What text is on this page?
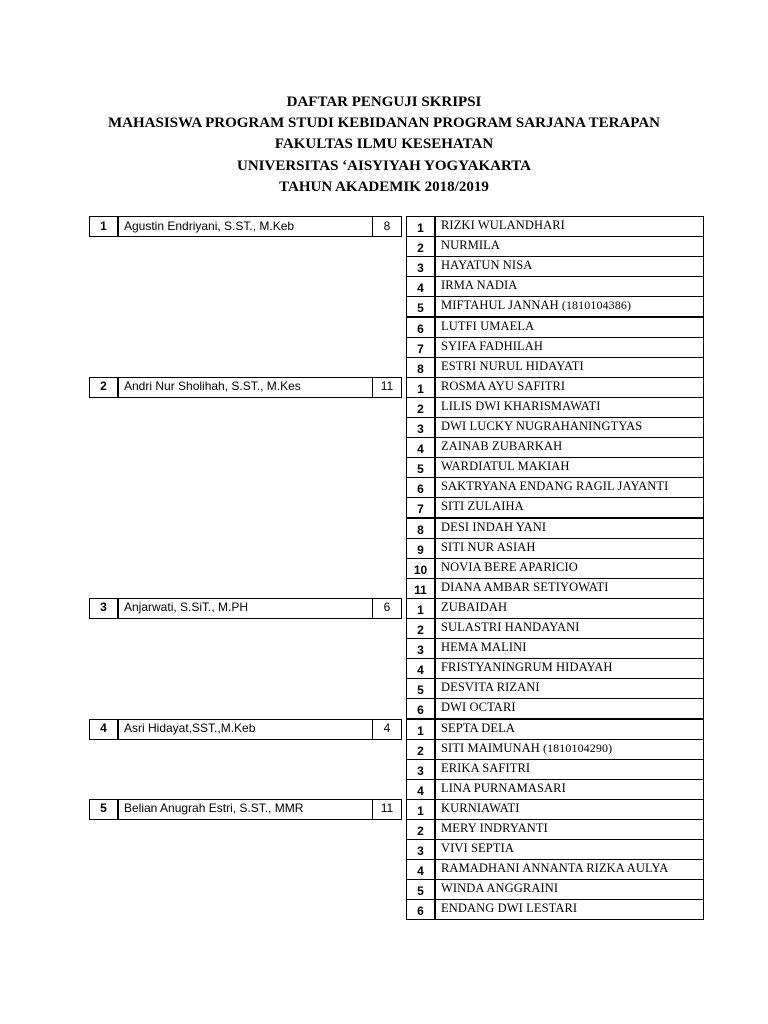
DAFTAR PENGUJI SKRIPSI
MAHASISWA PROGRAM STUDI KEBIDANAN PROGRAM SARJANA TERAPAN
FAKULTAS ILMU KESEHATAN
UNIVERSITAS ‘AISYIYAH YOGYAKARTA
TAHUN AKADEMIK 2018/2019
1	Agustin Endriyani, S.ST., M.Keb	8	1	RIZKI WULANDHARI
2	NURMILA
3	HAYATUN NISA
4	IRMA NADIA
5	MIFTAHUL JANNAH (1810104386)
6	LUTFI UMAELA
7	SYIFA FADHILAH
8	ESTRI NURUL HIDAYATI
2	Andri Nur Sholihah, S.ST., M.Kes	11	1	ROSMA AYU SAFITRI
2	LILIS DWI KHARISMAWATI
3	DWI LUCKY NUGRAHANINGTYAS
4	ZAINAB ZUBARKAH
5	WARDIATUL MAKIAH
6	SAKTRYANA ENDANG RAGIL JAYANTI
7	SITI ZULAIHA
8	DESI INDAH YANI
9	SITI NUR ASIAH
10	NOVIA BERE APARICIO
11	DIANA AMBAR SETIYOWATI
3	Anjarwati, S.SiT., M.PH	6	1	ZUBAIDAH
2	SULASTRI HANDAYANI
3	HEMA MALINI
4	FRISTYANINGRUM HIDAYAH
5	DESVITA RIZANI
6	DWI OCTARI
4	Asri Hidayat,SST.,M.Keb	4	1	SEPTA DELA
2	SITI MAIMUNAH (1810104290)
3	ERIKA SAFITRI
4	LINA PURNAMASARI
5	Belian Anugrah Estri, S.ST., MMR	11	1	KURNIAWATI
2	MERY INDRYANTI
3	VIVI SEPTIA
4	RAMADHANI ANNANTA RIZKA AULYA
5	WINDA ANGGRAINI
6	ENDANG DWI LESTARI
